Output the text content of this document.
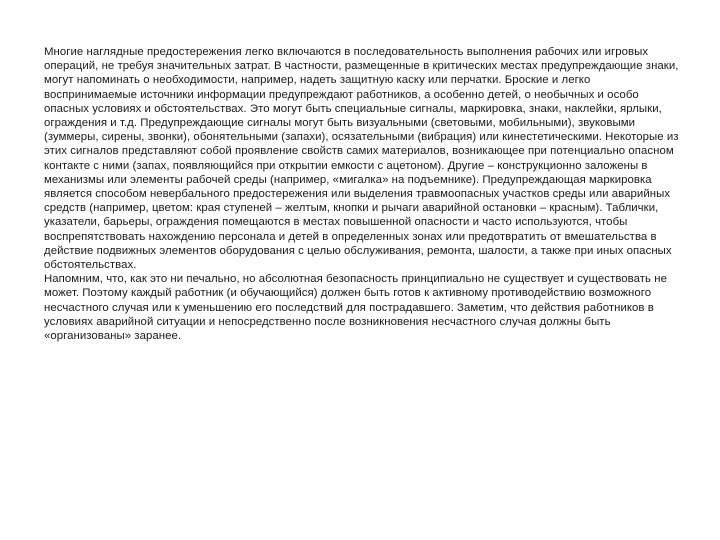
Многие наглядные предостережения легко включаются в последовательность выполнения рабочих или игровых операций, не требуя значительных затрат. В частности, размещенные в критических местах предупреждающие знаки, могут напоминать о необходимости, например, надеть защитную каску или перчатки. Броские и легко воспринимаемые источники информации предупреждают работников, а особенно детей, о необычных и особо опасных условиях и обстоятельствах. Это могут быть специальные сигналы, маркировка, знаки, наклейки, ярлыки, ограждения и т.д. Предупреждающие сигналы могут быть визуальными (световыми, мобильными), звуковыми (зуммеры, сирены, звонки), обонятельными (запахи), осязательными (вибрация) или кинестетическими. Некоторые из этих сигналов представляют собой проявление свойств самих материалов, возникающее при потенциально опасном контакте с ними (запах, появляющийся при открытии емкости с ацетоном). Другие – конструкционно заложены в механизмы или элементы рабочей среды (например, «мигалка» на подъемнике). Предупреждающая маркировка является способом невербального предостережения или выделения травмоопасных участков среды или аварийных средств (например, цветом: края ступеней – желтым, кнопки и рычаги аварийной остановки – красным). Таблички, указатели, барьеры, ограждения помещаются в местах повышенной опасности и часто используются, чтобы воспрепятствовать нахождению персонала и детей в определенных зонах или предотвратить от вмешательства в действие подвижных элементов оборудования с целью обслуживания, ремонта, шалости, а также при иных опасных обстоятельствах.

Напомним, что, как это ни печально, но абсолютная безопасность принципиально не существует и существовать не может. Поэтому каждый работник (и обучающийся) должен быть готов к активному противодействию возможного несчастного случая или к уменьшению его последствий для пострадавшего. Заметим, что действия работников в условиях аварийной ситуации и непосредственно после возникновения несчастного случая должны быть «организованы» заранее.
